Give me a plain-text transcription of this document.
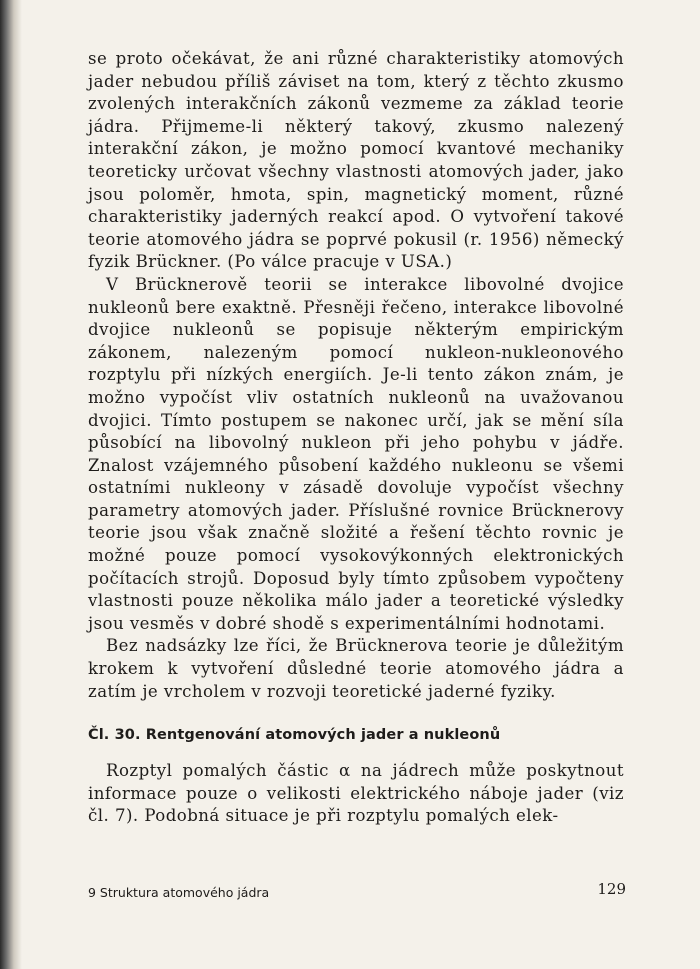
se proto očekávat, že ani různé charakteristiky atomových jader nebudou příliš záviset na tom, který z těchto zkusmo zvolených interakčních zákonů vezmeme za základ teorie jádra. Přijmeme-li některý takový, zkusmo nalezený interakční zákon, je možno pomocí kvantové mechaniky teoreticky určovat všechny vlastnosti atomových jader, jako jsou poloměr, hmota, spin, magnetický moment, různé charakteristiky jaderných reakcí apod. O vytvoření takové teorie atomového jádra se poprvé pokusil (r. 1956) německý fyzik Brückner. (Po válce pracuje v USA.)

V Brücknerově teorii se interakce libovolné dvojice nukleonů bere exaktně. Přesněji řečeno, interakce libovolné dvojice nukleonů se popisuje některým empirickým zákonem, nalezeným pomocí nukleon-nukleonového rozptylu při nízkých energiích. Je-li tento zákon znám, je možno vypočíst vliv ostatních nukleonů na uvažovanou dvojici. Tímto postupem se nakonec určí, jak se mění síla působící na libovolný nukleon při jeho pohybu v jádře. Znalost vzájemného působení každého nukleonu se všemi ostatními nukleony v zásadě dovoluje vypočíst všechny parametry atomových jader. Příslušné rovnice Brücknerovy teorie jsou však značně složité a řešení těchto rovnic je možné pouze pomocí vysokovýkonných elektronických počítacích strojů. Doposud byly tímto způsobem vypočteny vlastnosti pouze několika málo jader a teoretické výsledky jsou vesměs v dobré shodě s experimentálními hodnotami.

Bez nadsázky lze říci, že Brücknerova teorie je důležitým krokem k vytvoření důsledné teorie atomového jádra a zatím je vrcholem v rozvoji teoretické jaderné fyziky.

Čl. 30. Rentgenování atomových jader a nukleonů

Rozptyl pomalých částic α na jádrech může poskytnout informace pouze o velikosti elektrického náboje jader (viz čl. 7). Podobná situace je při rozptylu pomalých elek-

9 Struktura atomového jádra	129
